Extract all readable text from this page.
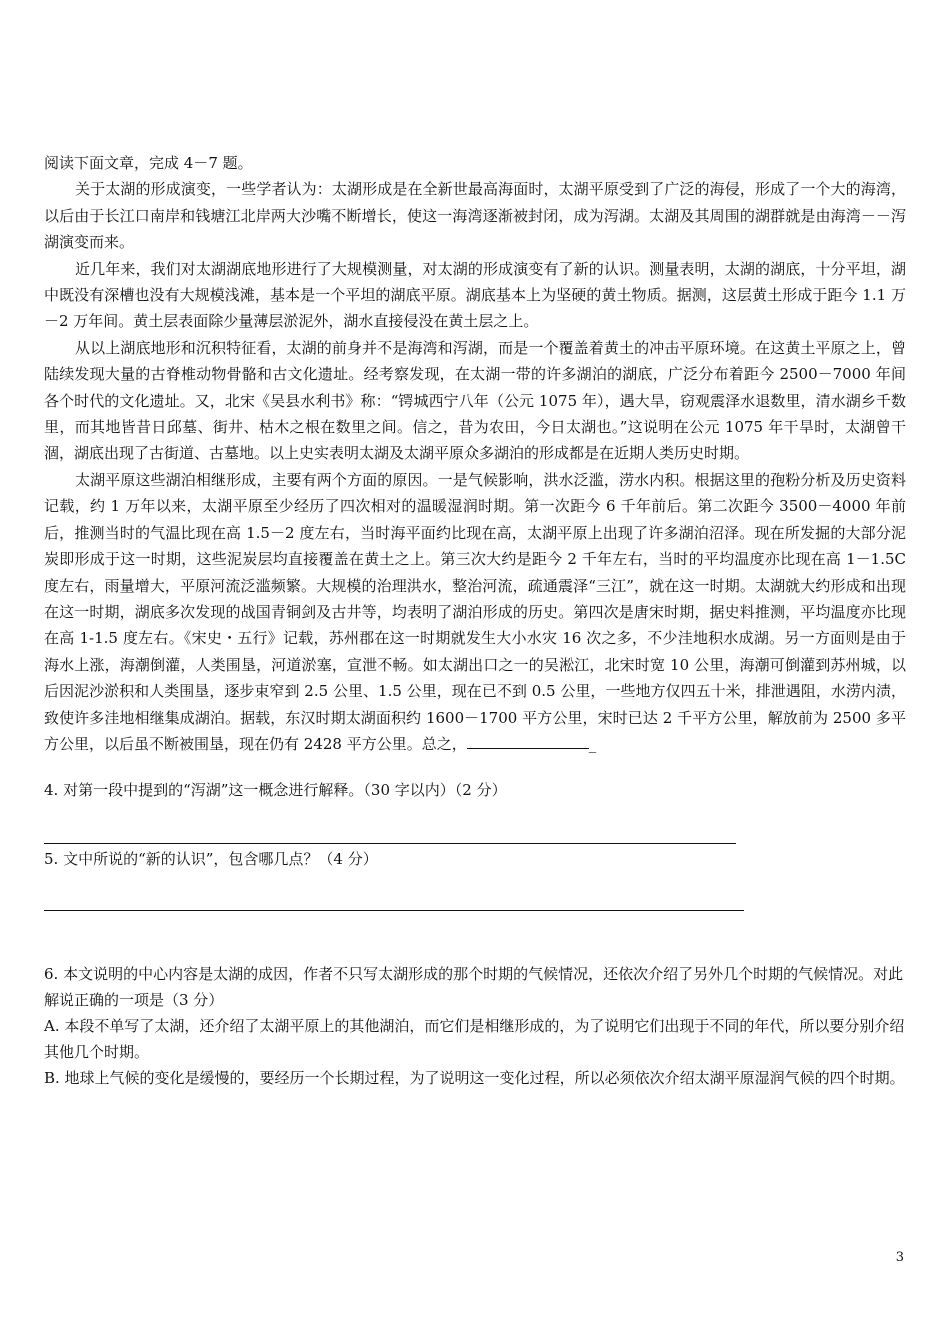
阅读下面文章，完成 4－7 题。

关于太湖的形成演变，一些学者认为：太湖形成是在全新世最高海面时，太湖平原受到了广泛的海侵，形成了一个大的海湾，以后由于长江口南岸和钱塘江北岸两大沙嘴不断增长，使这一海湾逐渐被封闭，成为泻湖。太湖及其周围的湖群就是由海湾－－泻湖演变而来。

近几年来，我们对太湖湖底地形进行了大规模测量，对太湖的形成演变有了新的认识。测量表明，太湖的湖底，十分平坦，湖中既没有深槽也没有大规模浅滩，基本是一个平坦的湖底平原。湖底基本上为坚硬的黄土物质。据测，这层黄土形成于距今 1.1 万－2 万年间。黄土层表面除少量薄层淤泥外，湖水直接侵没在黄土层之上。

从以上湖底地形和沉积特征看，太湖的前身并不是海湾和泻湖，而是一个覆盖着黄土的冲击平原环境。在这黄土平原之上，曾陆续发现大量的古脊椎动物骨骼和古文化遗址。经考察发现，在太湖一带的许多湖泊的湖底，广泛分布着距今 2500－7000 年间各个时代的文化遗址。又，北宋《吴县水利书》称：“锷城西宁八年（公元 1075 年），遇大旱，窃观震泽水退数里，清水湖乡千数里，而其地皆昔日邱墓、街井、枯木之根在数里之间。信之，昔为农田，今日太湖也。”这说明在公元 1075 年干旱时，太湖曾干涸，湖底出现了古街道、古墓地。以上史实表明太湖及太湖平原众多湖泊的形成都是在近期人类历史时期。

太湖平原这些湖泊相继形成，主要有两个方面的原因。一是气候影响，洪水泛滥，涝水内积。根据这里的孢粉分析及历史资料记载，约 1 万年以来，太湖平原至少经历了四次相对的温暖湿润时期。第一次距今 6 千年前后。第二次距今 3500－4000 年前后，推测当时的气温比现在高 1.5－2 度左右，当时海平面约比现在高，太湖平原上出现了许多湖泊沼泽。现在所发掘的大部分泥炭即形成于这一时期，这些泥炭层均直接覆盖在黄土之上。第三次大约是距今 2 千年左右，当时的平均温度亦比现在高 1－1.5C 度左右，雨量增大，平原河流泛滥频繁。大规模的治理洪水，整治河流，疏通震泽“三江”，就在这一时期。太湖就大约形成和出现在这一时期，湖底多次发现的战国青铜剑及古井等，均表明了湖泊形成的历史。第四次是唐宋时期，据史料推测，平均温度亦比现在高 1-1.5 度左右。《宋史・五行》记载，苏州郡在这一时期就发生大小水灾 16 次之多，不少洼地积水成湖。另一方面则是由于海水上涨，海潮倒灌，人类围垦，河道淤塞，宣泄不畅。如太湖出口之一的吴淞江，北宋时宽 10 公里，海潮可倒灌到苏州城，以后因泥沙淤积和人类围垦，逐步束窄到 2.5 公里、1.5 公里，现在已不到 0.5 公里，一些地方仅四五十米，排泄遇阻，水涝内渍，致使许多洼地相继集成湖泊。据载，东汉时期太湖面积约 1600－1700 平方公里，宋时已达 2 千平方公里，解放前为 2500 多平方公里，以后虽不断被围垦，现在仍有 2428 平方公里。总之，	_

4. 对第一段中提到的“泻湖”这一概念进行解释。（30 字以内）（2 分）

5. 文中所说的“新的认识”，包含哪几点？（4 分）

6. 本文说明的中心内容是太湖的成因，作者不只写太湖形成的那个时期的气候情况，还依次介绍了另外几个时期的气候情况。对此解说正确的一项是（3 分）

A. 本段不单写了太湖，还介绍了太湖平原上的其他湖泊，而它们是相继形成的，为了说明它们出现于不同的年代，所以要分别介绍其他几个时期。

B. 地球上气候的变化是缓慢的，要经历一个长期过程，为了说明这一变化过程，所以必须依次介绍太湖平原湿润气候的四个时期。

3
